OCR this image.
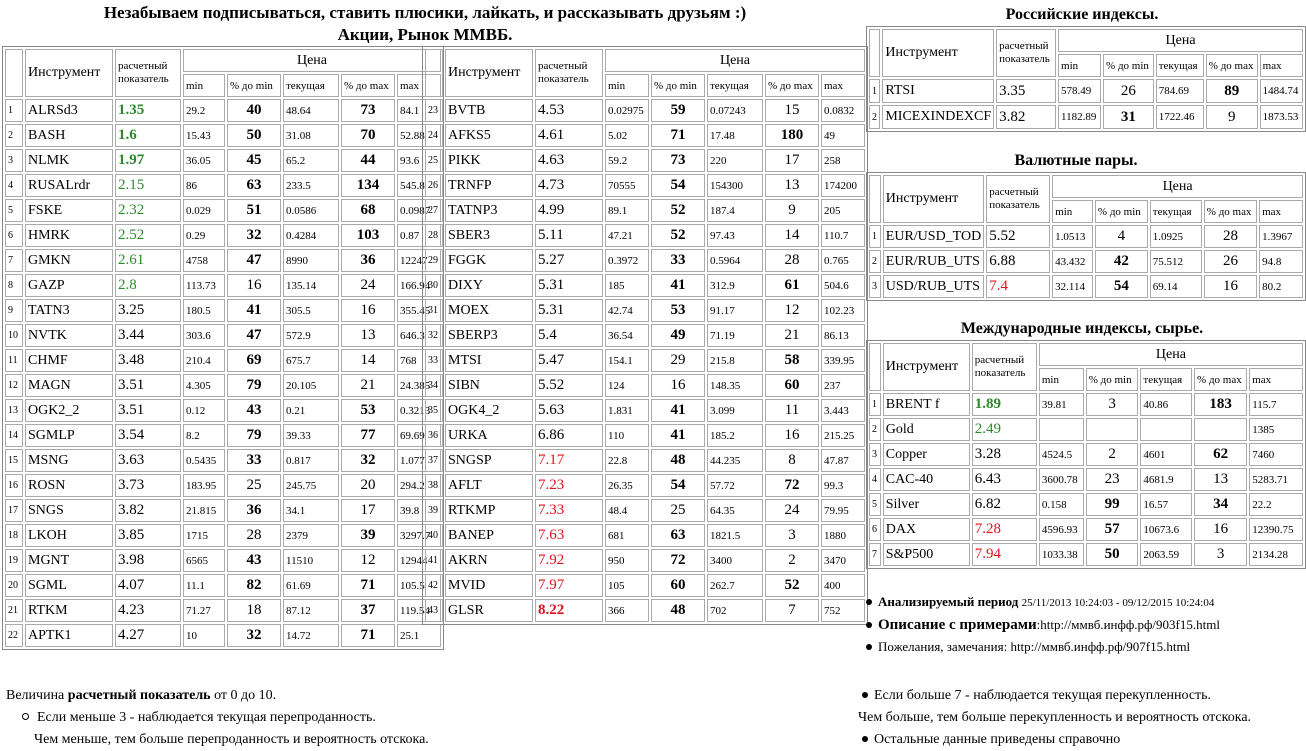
Незабываем подписываться, ставить плюсики, лайкать, и рассказывать друзьям :)
Акции, Рынок ММВБ.
	Инструмент	расчетный показатель	Цена				
			min	% до min	текущая	% до max	max
1	ALRSd3	1.35	29.2	40	48.64	73	84.1
2	BASH	1.6	15.43	50	31.08	70	52.88
3	NLMK	1.97	36.05	45	65.2	44	93.6
4	RUSALrdr	2.15	86	63	233.5	134	545.8
5	FSKE	2.32	0.029	51	0.0586	68	0.0987
6	HMRK	2.52	0.29	32	0.4284	103	0.87
7	GMKN	2.61	4758	47	8990	36	12247
8	GAZP	2.8	113.73	16	135.14	24	166.94
9	TATN3	3.25	180.5	41	305.5	16	355.45
10	NVTK	3.44	303.6	47	572.9	13	646.3
11	CHMF	3.48	210.4	69	675.7	14	768
12	MAGN	3.51	4.305	79	20.105	21	24.385
13	OGK2_2	3.51	0.12	43	0.21	53	0.3213
14	SGMLP	3.54	8.2	79	39.33	77	69.69
15	MSNG	3.63	0.5435	33	0.817	32	1.077
16	ROSN	3.73	183.95	25	245.75	20	294.2
17	SNGS	3.82	21.815	36	34.1	17	39.8
18	LKOH	3.85	1715	28	2379	39	3297.7
19	MGNT	3.98	6565	43	11510	12	12944
20	SGML	4.07	11.1	82	61.69	71	105.5
21	RTKM	4.23	71.27	18	87.12	37	119.54
22	APTK1	4.27	10	32	14.72	71	25.1
	Инструмент	расчетный показатель	Цена				
			min	% до min	текущая	% до max	max
23	BVTB	4.53	0.02975	59	0.07243	15	0.0832
24	AFKS5	4.61	5.02	71	17.48	180	49
25	PIKK	4.63	59.2	73	220	17	258
26	TRNFP	4.73	70555	54	154300	13	174200
27	TATNP3	4.99	89.1	52	187.4	9	205
28	SBER3	5.11	47.21	52	97.43	14	110.7
29	FGGK	5.27	0.3972	33	0.5964	28	0.765
30	DIXY	5.31	185	41	312.9	61	504.6
31	MOEX	5.31	42.74	53	91.17	12	102.23
32	SBERP3	5.4	36.54	49	71.19	21	86.13
33	MTSI	5.47	154.1	29	215.8	58	339.95
34	SIBN	5.52	124	16	148.35	60	237
35	OGK4_2	5.63	1.831	41	3.099	11	3.443
36	URKA	6.86	110	41	185.2	16	215.25
37	SNGSP	7.17	22.8	48	44.235	8	47.87
38	AFLT	7.23	26.35	54	57.72	72	99.3
39	RTKMP	7.33	48.4	25	64.35	24	79.95
40	BANEP	7.63	681	63	1821.5	3	1880
41	AKRN	7.92	950	72	3400	2	3470
42	MVID	7.97	105	60	262.7	52	400
43	GLSR	8.22	366	48	702	7	752
Российские индексы.
	Инструмент	расчетный показатель	Цена				
			min	% до min	текущая	% до max	max
1	RTSI	3.35	578.49	26	784.69	89	1484.74
2	MICEXINDEXCF	3.82	1182.89	31	1722.46	9	1873.53
Валютные пары.
	Инструмент	расчетный показатель	Цена				
			min	% до min	текущая	% до max	max
1	EUR/USD_TOD	5.52	1.0513	4	1.0925	28	1.3967
2	EUR/RUB_UTS	6.88	43.432	42	75.512	26	94.8
3	USD/RUB_UTS	7.4	32.114	54	69.14	16	80.2
Международные индексы, сырье.
	Инструмент	расчетный показатель	Цена				
			min	% до min	текущая	% до max	max
1	BRENT f	1.89	39.81	3	40.86	183	115.7
2	Gold	2.49					1385
3	Copper	3.28	4524.5	2	4601	62	7460
4	CAC-40	6.43	3600.78	23	4681.9	13	5283.71
5	Silver	6.82	0.158	99	16.57	34	22.2
6	DAX	7.28	4596.93	57	10673.6	16	12390.75
7	S&P500	7.94	1033.38	50	2063.59	3	2134.28
Анализируемый период 25/11/2013 10:24:03 - 09/12/2015 10:24:04
Описание с примерами:http://ммвб.инфф.рф/903f15.html
Пожелания, замечания: http://ммвб.инфф.рф/907f15.html
Величина расчетный показатель от 0 до 10.
Если меньше 3 - наблюдается текущая перепроданность.
Чем меньше, тем больше перепроданность и вероятность отскока.
Если больше 7 - наблюдается текущая перекупленность.
Чем больше, тем больше перекупленность и вероятность отскока.
Остальные данные приведены справочно
